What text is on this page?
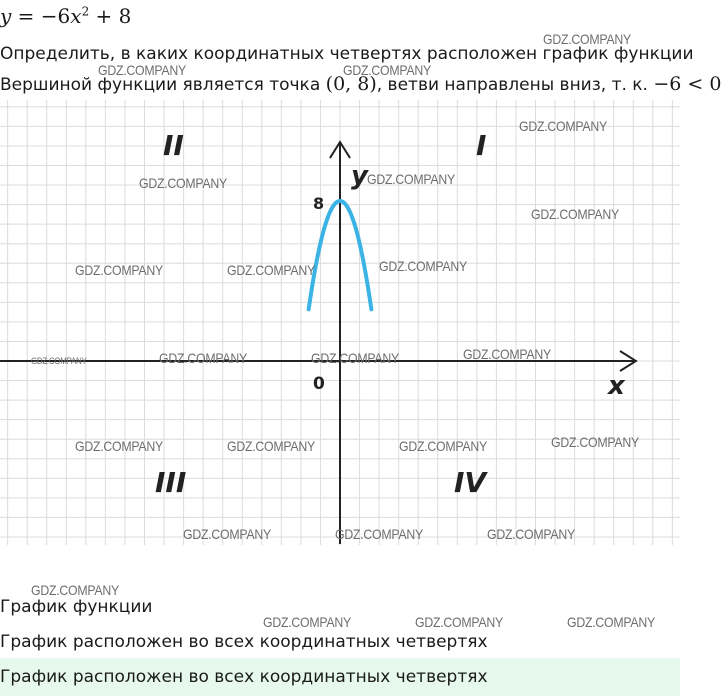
$y = -6x^2 + 8$
Определить, в каких координатных четвертях расположен график функции
Вершиной функции является точка (0, 8), ветви направлены вниз, т. к. −6 < 0
II	I
III	IV
y
x
8
0
График функции
График расположен во всех координатных четвертях
График расположен во всех координатных четвертях
GDZ.COMPANY
GDZ.COMPANY	GDZ.COMPANY
GDZ.COMPANY
GDZ.COMPANY	GDZ.COMPANY
GDZ.COMPANY
GDZ.COMPANY	GDZ.COMPANY	GDZ.COMPANY
GDZ.COMPANY	GDZ.COMPANY	GDZ.COMPANY	GDZ.COMPANY
GDZ.COMPANY	GDZ.COMPANY	GDZ.COMPANY	GDZ.COMPANY
GDZ.COMPANY	GDZ.COMPANY	GDZ.COMPANY
GDZ.COMPANY
GDZ.COMPANY	GDZ.COMPANY	GDZ.COMPANY
